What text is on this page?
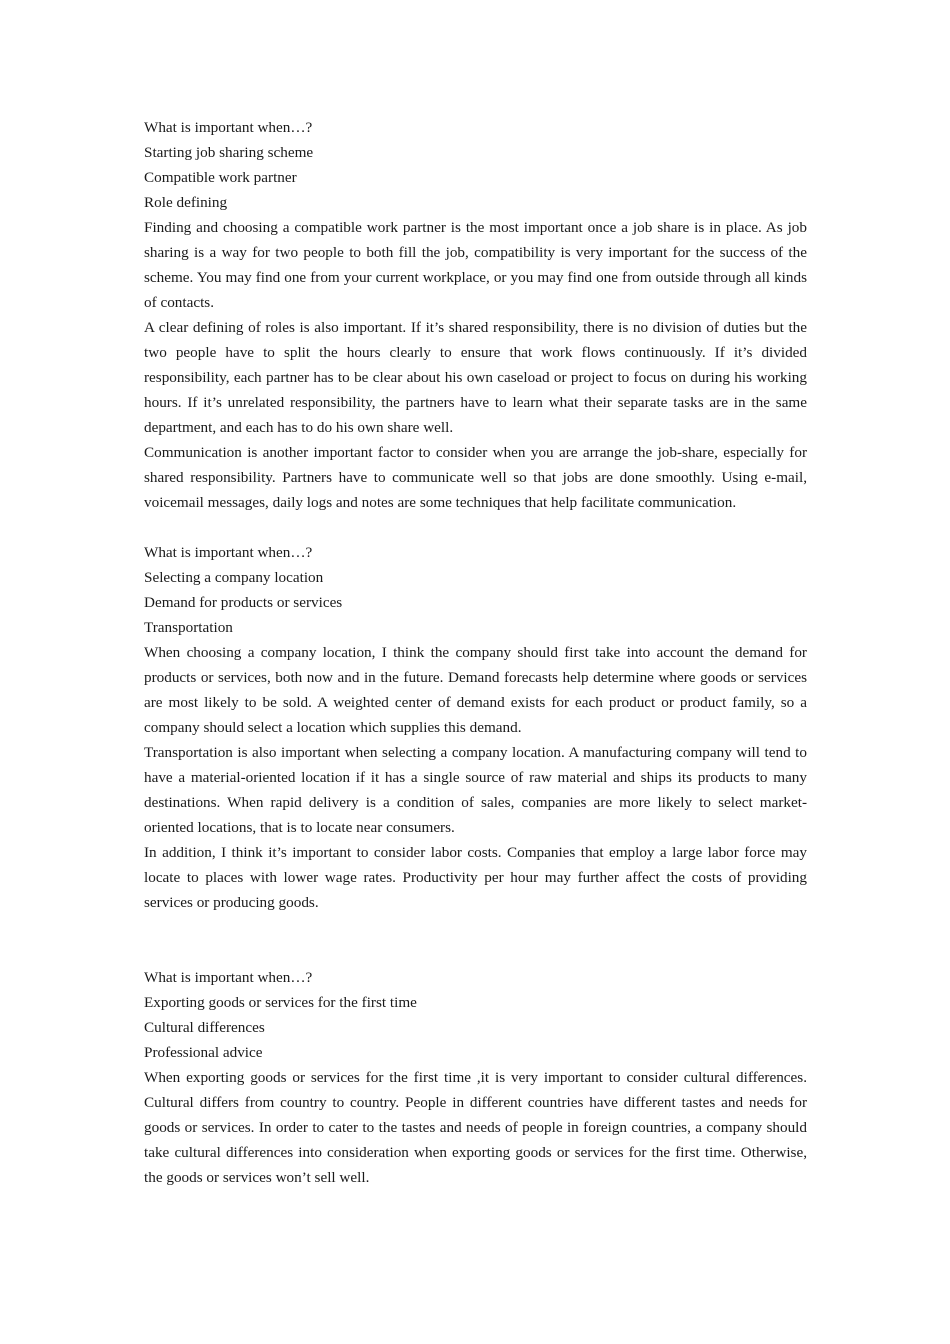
What is important when…?
Starting job sharing scheme
Compatible work partner
Role defining

Finding and choosing a compatible work partner is the most important once a job share is in place. As job sharing is a way for two people to both fill the job, compatibility is very important for the success of the scheme. You may find one from your current workplace, or you may find one from outside through all kinds of contacts.

A clear defining of roles is also important. If it’s shared responsibility, there is no division of duties but the two people have to split the hours clearly to ensure that work flows continuously. If it’s divided responsibility, each partner has to be clear about his own caseload or project to focus on during his working hours. If it’s unrelated responsibility, the partners have to learn what their separate tasks are in the same department, and each has to do his own share well.

Communication is another important factor to consider when you are arrange the job-share, especially for shared responsibility. Partners have to communicate well so that jobs are done smoothly. Using e-mail, voicemail messages, daily logs and notes are some techniques that help facilitate communication.

What is important when…?
Selecting a company location
Demand for products or services
Transportation

When choosing a company location, I think the company should first take into account the demand for products or services, both now and in the future. Demand forecasts help determine where goods or services are most likely to be sold. A weighted center of demand exists for each product or product family, so a company should select a location which supplies this demand.

Transportation is also important when selecting a company location. A manufacturing company will tend to have a material-oriented location if it has a single source of raw material and ships its products to many destinations. When rapid delivery is a condition of sales, companies are more likely to select market-oriented locations, that is to locate near consumers.

In addition, I think it’s important to consider labor costs. Companies that employ a large labor force may locate to places with lower wage rates. Productivity per hour may further affect the costs of providing services or producing goods.

What is important when…?
Exporting goods or services for the first time
Cultural differences
Professional advice

When exporting goods or services for the first time ,it is very important to consider cultural differences. Cultural differs from country to country. People in different countries have different tastes and needs for goods or services. In order to cater to the tastes and needs of people in foreign countries, a company should take cultural differences into consideration when exporting goods or services for the first time. Otherwise, the goods or services won’t sell well.
